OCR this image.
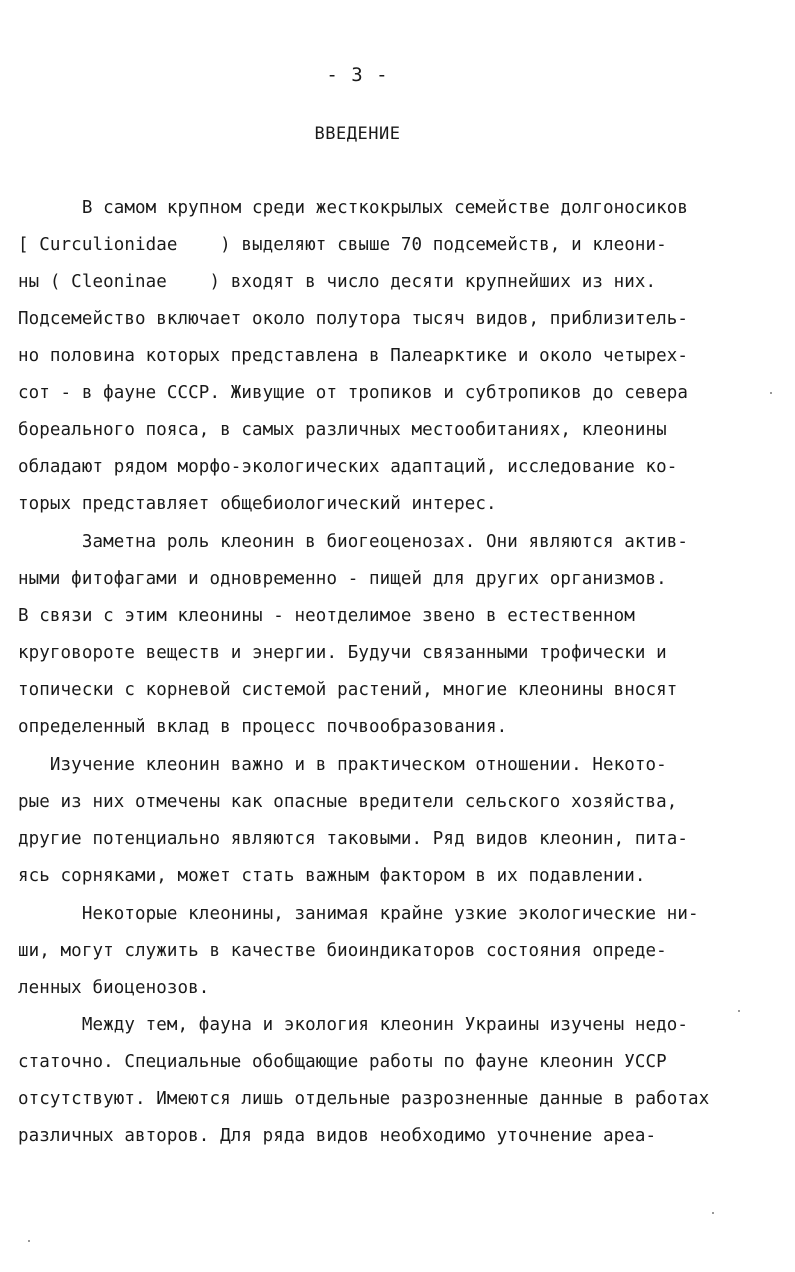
- 3 -
ВВЕДЕНИЕ
В самом крупном среди жесткокрылых семействе долгоносиков
[ Curculionidae    ) выделяют свыше 70 подсемейств, и клеони-
ны ( Cleoninae    ) входят в число десяти крупнейших из них.
Подсемейство включает около полутора тысяч видов, приблизитель-
но половина которых представлена в Палеарктике и около четырех-
сот - в фауне СССР. Живущие от тропиков и субтропиков до севера
бореального пояса, в самых различных местообитаниях, клеонины
обладают рядом морфо-экологических адаптаций, исследование ко-
торых представляет общебиологический интерес.
Заметна роль клеонин в биогеоценозах. Они являются актив-
ными фитофагами и одновременно - пищей для других организмов.
В связи с этим клеонины - неотделимое звено в естественном
круговороте веществ и энергии. Будучи связанными трофически и
топически с корневой системой растений, многие клеонины вносят
определенный вклад в процесс почвообразования.
Изучение клеонин важно и в практическом отношении. Некото-
рые из них отмечены как опасные вредители сельского хозяйства,
другие потенциально являются таковыми. Ряд видов клеонин, пита-
ясь сорняками, может стать важным фактором в их подавлении.
Некоторые клеонины, занимая крайне узкие экологические ни-
ши, могут служить в качестве биоиндикаторов состояния опреде-
ленных биоценозов.
Между тем, фауна и экология клеонин Украины изучены недо-
статочно. Специальные обобщающие работы по фауне клеонин УССР
отсутствуют. Имеются лишь отдельные разрозненные данные в работах
различных авторов. Для ряда видов необходимо уточнение ареа-
